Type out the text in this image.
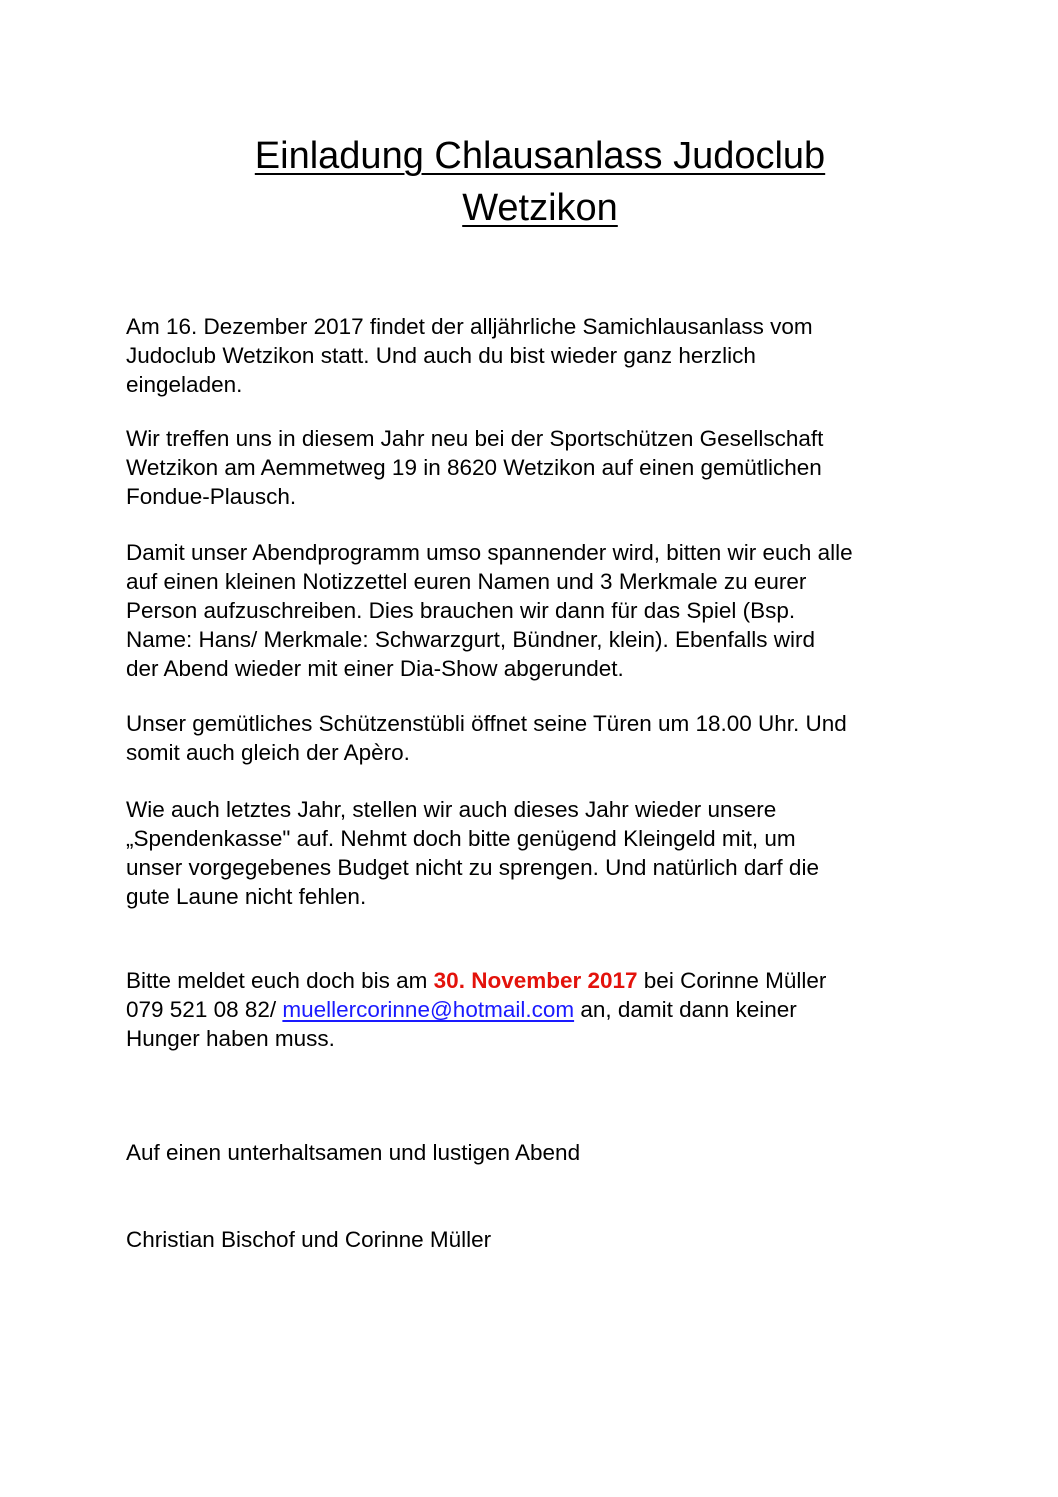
Einladung Chlausanlass Judoclub
Wetzikon

Am 16. Dezember 2017 findet der alljährliche Samichlausanlass vom
Judoclub Wetzikon statt. Und auch du bist wieder ganz herzlich
eingeladen.

Wir treffen uns in diesem Jahr neu bei der Sportschützen Gesellschaft
Wetzikon am Aemmetweg 19 in 8620 Wetzikon auf einen gemütlichen
Fondue-Plausch.

Damit unser Abendprogramm umso spannender wird, bitten wir euch alle
auf einen kleinen Notizzettel euren Namen und 3 Merkmale zu eurer
Person aufzuschreiben. Dies brauchen wir dann für das Spiel (Bsp.
Name: Hans/ Merkmale: Schwarzgurt, Bündner, klein). Ebenfalls wird
der Abend wieder mit einer Dia-Show abgerundet.

Unser gemütliches Schützenstübli öffnet seine Türen um 18.00 Uhr. Und
somit auch gleich der Apèro.

Wie auch letztes Jahr, stellen wir auch dieses Jahr wieder unsere
„Spendenkasse" auf. Nehmt doch bitte genügend Kleingeld mit, um
unser vorgegebenes Budget nicht zu sprengen. Und natürlich darf die
gute Laune nicht fehlen.

Bitte meldet euch doch bis am 30. November 2017 bei Corinne Müller
079 521 08 82/ muellercorinne@hotmail.com an, damit dann keiner
Hunger haben muss.

Auf einen unterhaltsamen und lustigen Abend

Christian Bischof und Corinne Müller
